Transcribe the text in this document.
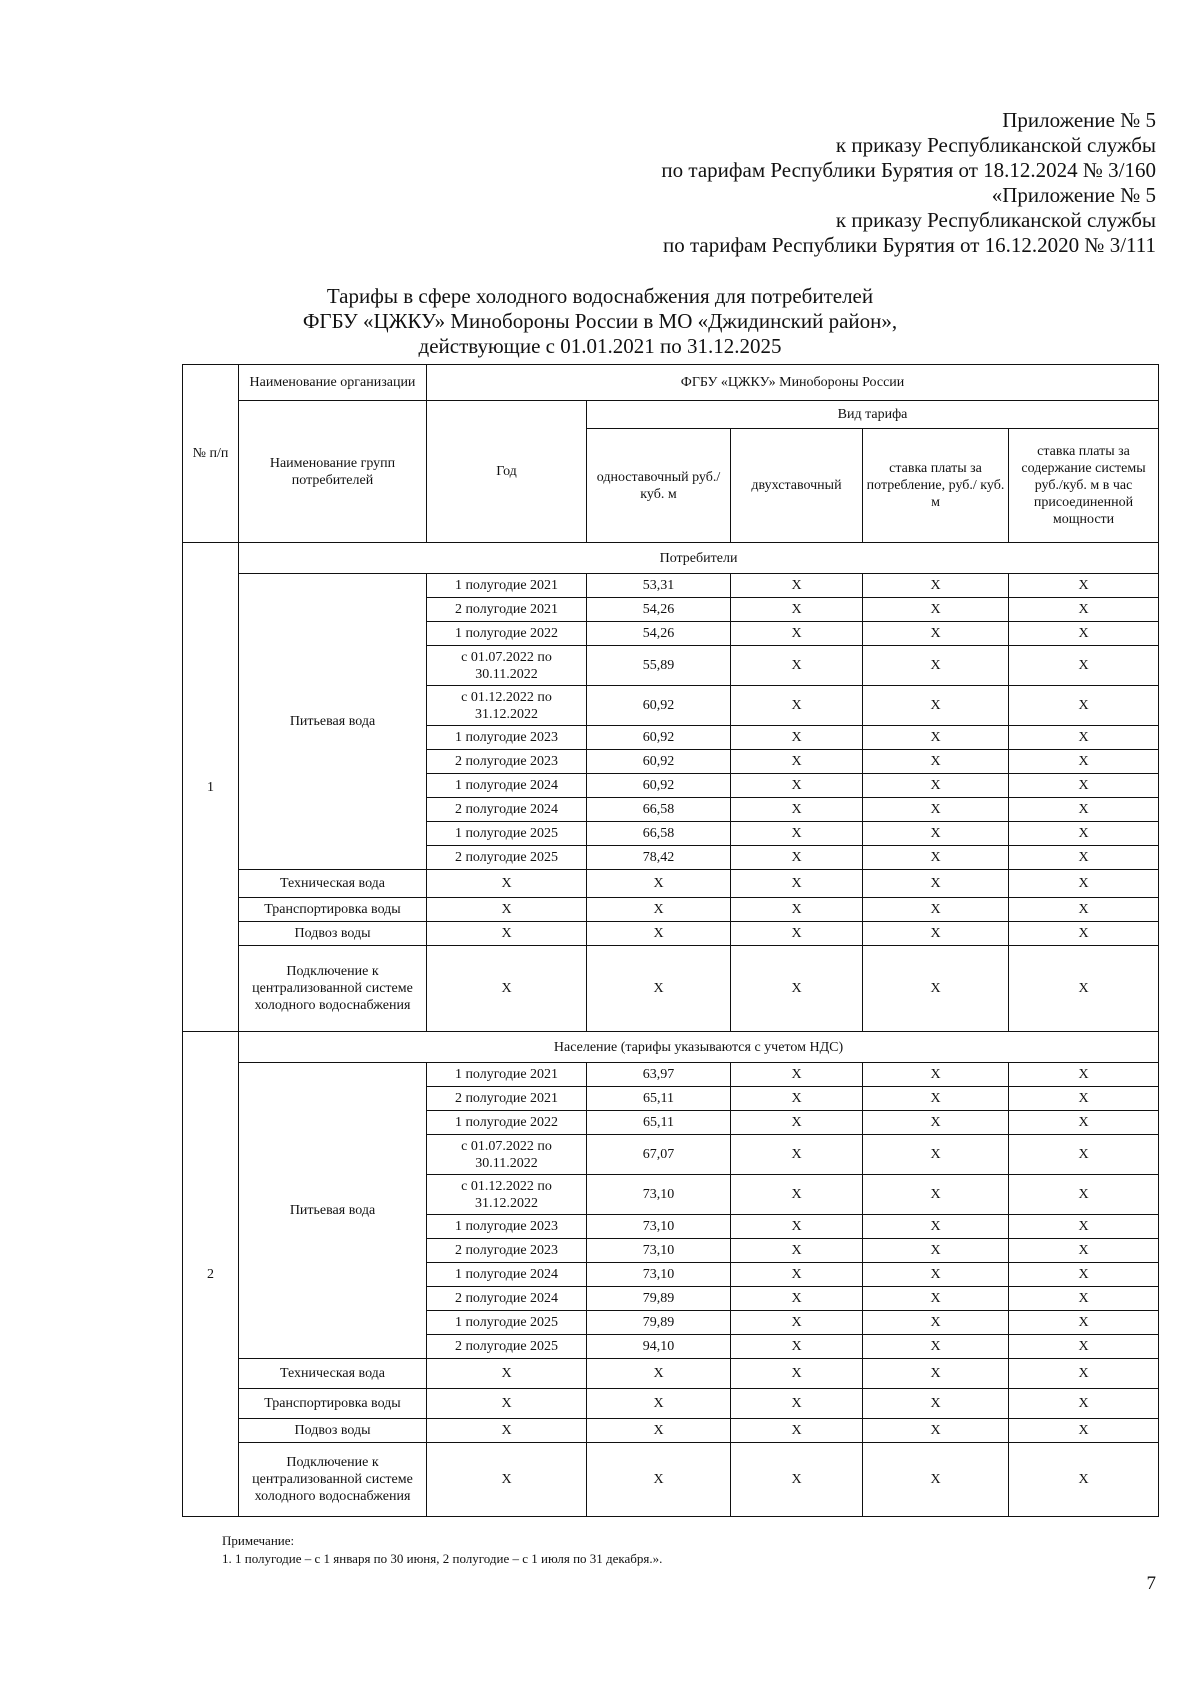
Приложение № 5
к приказу Республиканской службы
по тарифам Республики Бурятия от 18.12.2024 № 3/160
«Приложение № 5
к приказу Республиканской службы
по тарифам Республики Бурятия от 16.12.2020 № 3/111
Тарифы в сфере холодного водоснабжения для потребителей
ФГБУ «ЦЖКУ» Минобороны России в МО «Джидинский район»,
действующие с 01.01.2021 по 31.12.2025
№ п/п	Наименование организации	ФГБУ «ЦЖКУ» Минобороны России				
	Наименование групп потребителей	Год	Вид тарифа			
			одноставочный руб./ куб. м	двухставочный	ставка платы за потребление, руб./ куб. м	ставка платы за содержание системы руб./куб. м в час присоединенной мощности
1	Потребители					
	Питьевая вода	1 полугодие 2021	53,31	X	X	X
		2 полугодие 2021	54,26	X	X	X
		1 полугодие 2022	54,26	X	X	X
		с 01.07.2022 по 30.11.2022	55,89	X	X	X
		с 01.12.2022 по 31.12.2022	60,92	X	X	X
		1 полугодие 2023	60,92	X	X	X
		2 полугодие 2023	60,92	X	X	X
		1 полугодие 2024	60,92	X	X	X
		2 полугодие 2024	66,58	X	X	X
		1 полугодие 2025	66,58	X	X	X
		2 полугодие 2025	78,42	X	X	X
	Техническая вода	X	X	X	X	X
	Транспортировка воды	X	X	X	X	X
	Подвоз воды	X	X	X	X	X
	Подключение к централизованной системе холодного водоснабжения	X	X	X	X	X
2	Население (тарифы указываются с учетом НДС)					
	Питьевая вода	1 полугодие 2021	63,97	X	X	X
		2 полугодие 2021	65,11	X	X	X
		1 полугодие 2022	65,11	X	X	X
		с 01.07.2022 по 30.11.2022	67,07	X	X	X
		с 01.12.2022 по 31.12.2022	73,10	X	X	X
		1 полугодие 2023	73,10	X	X	X
		2 полугодие 2023	73,10	X	X	X
		1 полугодие 2024	73,10	X	X	X
		2 полугодие 2024	79,89	X	X	X
		1 полугодие 2025	79,89	X	X	X
		2 полугодие 2025	94,10	X	X	X
	Техническая вода	X	X	X	X	X
	Транспортировка воды	X	X	X	X	X
	Подвоз воды	X	X	X	X	X
	Подключение к централизованной системе холодного водоснабжения	X	X	X	X	X
Примечание:
1. 1 полугодие – с 1 января по 30 июня, 2 полугодие – с 1 июля по 31 декабря.».
7
